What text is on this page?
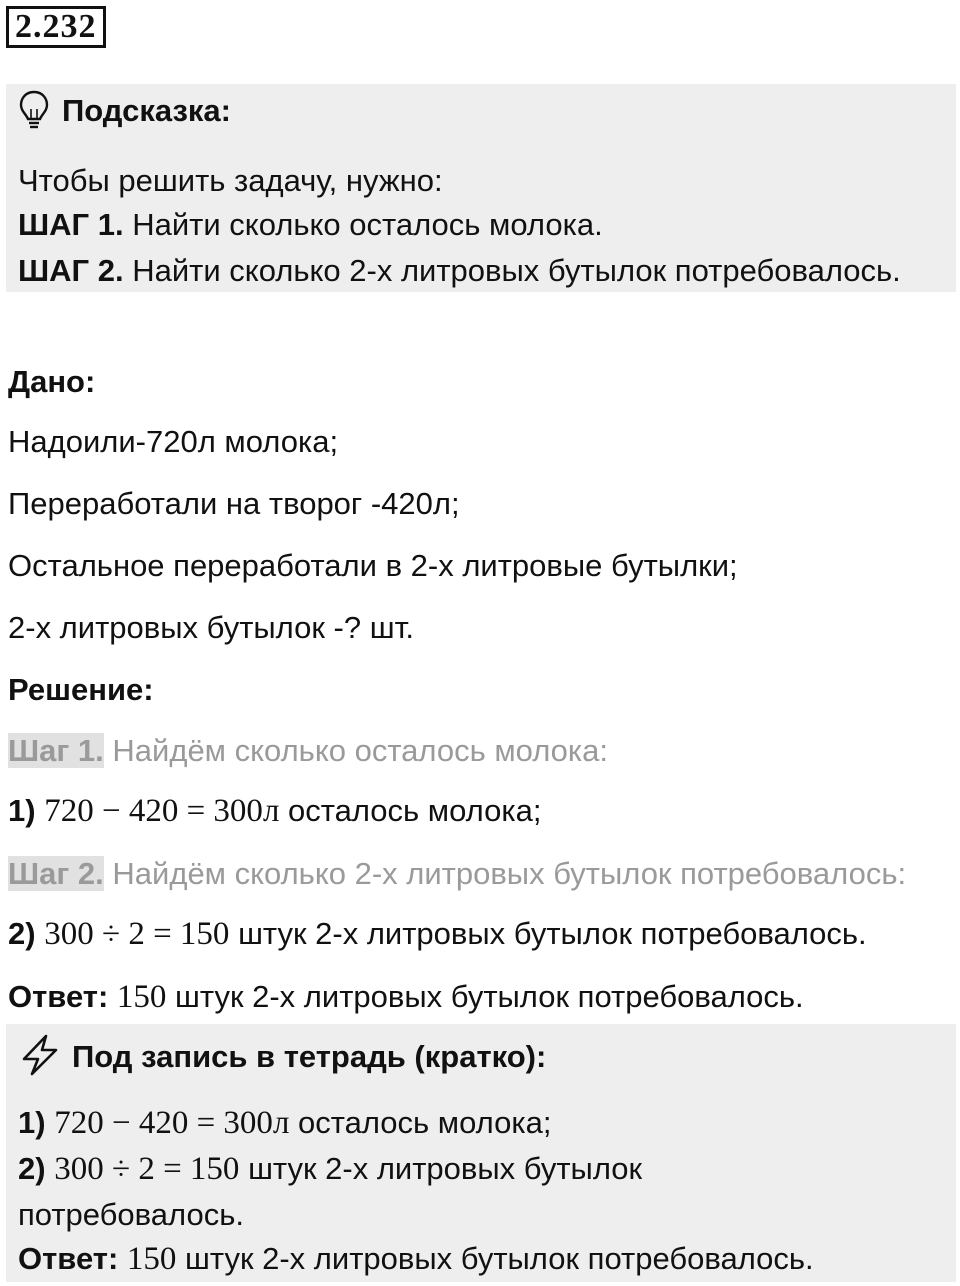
2.232
Подсказка:
Чтобы решить задачу, нужно:
ШАГ 1. Найти сколько осталось молока.
ШАГ 2. Найти сколько 2-х литровых бутылок потребовалось.
Дано:
Надоили-720л молока;
Переработали на творог -420л;
Остальное переработали в 2-х литровые бутылки;
2-х литровых бутылок -? шт.
Решение:
Шаг 1. Найдём сколько осталось молока:
1) 720 − 420 = 300л осталось молока;
Шаг 2. Найдём сколько 2-х литровых бутылок потребовалось:
2) 300 ÷ 2 = 150 штук 2-х литровых бутылок потребовалось.
Ответ: 150 штук 2-х литровых бутылок потребовалось.
Под запись в тетрадь (кратко):
1) 720 − 420 = 300л осталось молока;
2) 300 ÷ 2 = 150 штук 2-х литровых бутылок
потребовалось.
Ответ: 150 штук 2-х литровых бутылок потребовалось.
